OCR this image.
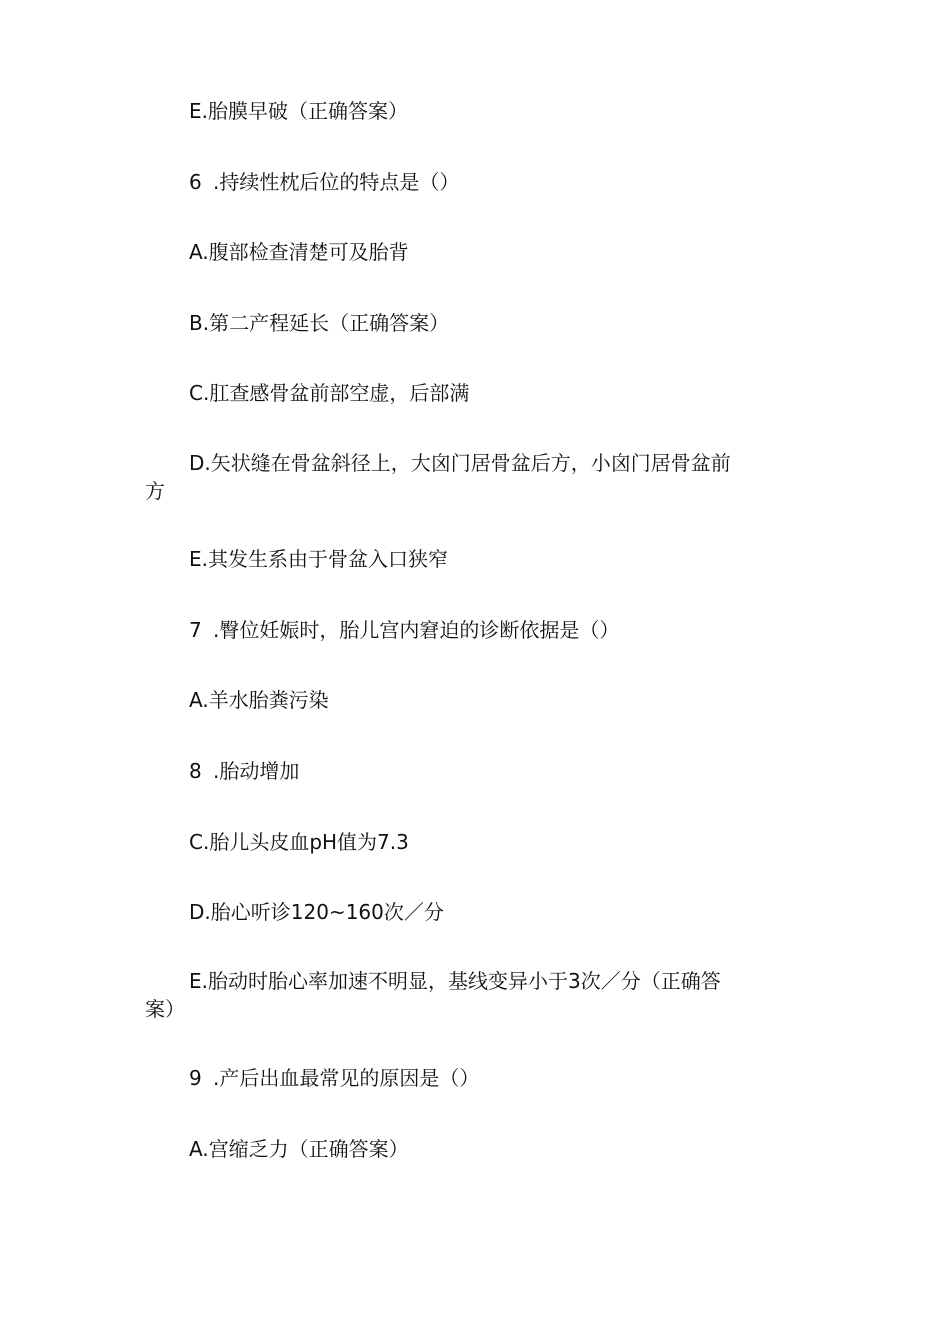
E.胎膜早破（正确答案）
6 .持续性枕后位的特点是（）
A.腹部检查清楚可及胎背
B.第二产程延长（正确答案）
C.肛查感骨盆前部空虚，后部满
D.矢状缝在骨盆斜径上，大囟门居骨盆后方，小囟门居骨盆前
方
E.其发生系由于骨盆入口狭窄
7 .臀位妊娠时，胎儿宫内窘迫的诊断依据是（）
A.羊水胎粪污染
8 .胎动增加
C.胎儿头皮血pH值为7.3
D.胎心听诊120~160次／分
E.胎动时胎心率加速不明显，基线变异小于3次／分（正确答
案）
9 .产后出血最常见的原因是（）
A.宫缩乏力（正确答案）
